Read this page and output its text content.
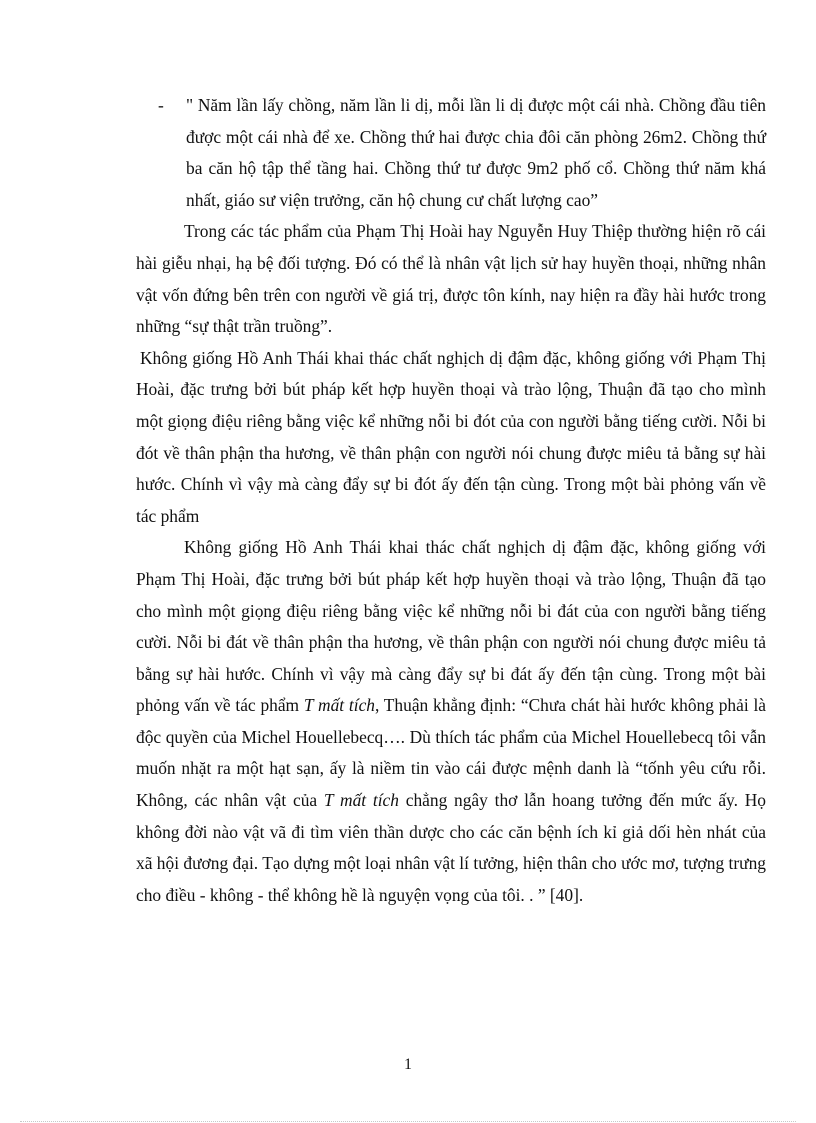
- " Năm lần lấy chồng, năm lần li dị, mỗi lần li dị được một cái nhà. Chồng đầu tiên được một cái nhà để xe. Chồng thứ hai được chia đôi căn phòng 26m2. Chồng thứ ba căn hộ tập thể tầng hai. Chồng thứ tư được 9m2 phố cổ. Chồng thứ năm khá nhất, giáo sư viện trưởng, căn hộ chung cư chất lượng cao”

Trong các tác phẩm của Phạm Thị Hoài hay Nguyễn Huy Thiệp thường hiện rõ cái hài giễu nhại, hạ bệ đối tượng. Đó có thể là nhân vật lịch sử hay huyền thoại, những nhân vật vốn đứng bên trên con người về giá trị, được tôn kính, nay hiện ra đầy hài hước trong những “sự thật trần truồng”.

Không giống Hồ Anh Thái khai thác chất nghịch dị đậm đặc, không giống với Phạm Thị Hoài, đặc trưng bởi bút pháp kết hợp huyền thoại và trào lộng, Thuận đã tạo cho mình một giọng điệu riêng bằng việc kể những nỗi bi đót của con người bằng tiếng cười. Nỗi bi đót về thân phận tha hương, về thân phận con người nói chung được miêu tả bằng sự hài hước. Chính vì vậy mà càng đẩy sự bi đót ấy đến tận cùng. Trong một bài phỏng vấn về tác phẩm

Không giống Hồ Anh Thái khai thác chất nghịch dị đậm đặc, không giống với Phạm Thị Hoài, đặc trưng bởi bút pháp kết hợp huyền thoại và trào lộng, Thuận đã tạo cho mình một giọng điệu riêng bằng việc kể những nỗi bi đát của con người bằng tiếng cười. Nỗi bi đát về thân phận tha hương, về thân phận con người nói chung được miêu tả bằng sự hài hước. Chính vì vậy mà càng đẩy sự bi đát ấy đến tận cùng. Trong một bài phỏng vấn về tác phẩm T mất tích, Thuận khẳng định: “Chưa chát hài hước không phải là độc quyền của Michel Houellebecq…. Dù thích tác phẩm của Michel Houellebecq tôi vẫn muốn nhặt ra một hạt sạn, ấy là niềm tin vào cái được mệnh danh là “tốnh yêu cứu rỗi. Không, các nhân vật của T mất tích chẳng ngây thơ lẫn hoang tưởng đến mức ấy. Họ không đời nào vật vã đi tìm viên thần dược cho các căn bệnh ích kỉ giả dối hèn nhát của xã hội đương đại. Tạo dựng một loại nhân vật lí tưởng, hiện thân cho ước mơ, tượng trưng cho điều - không - thể không hề là nguyện vọng của tôi. . ” [40].

1
